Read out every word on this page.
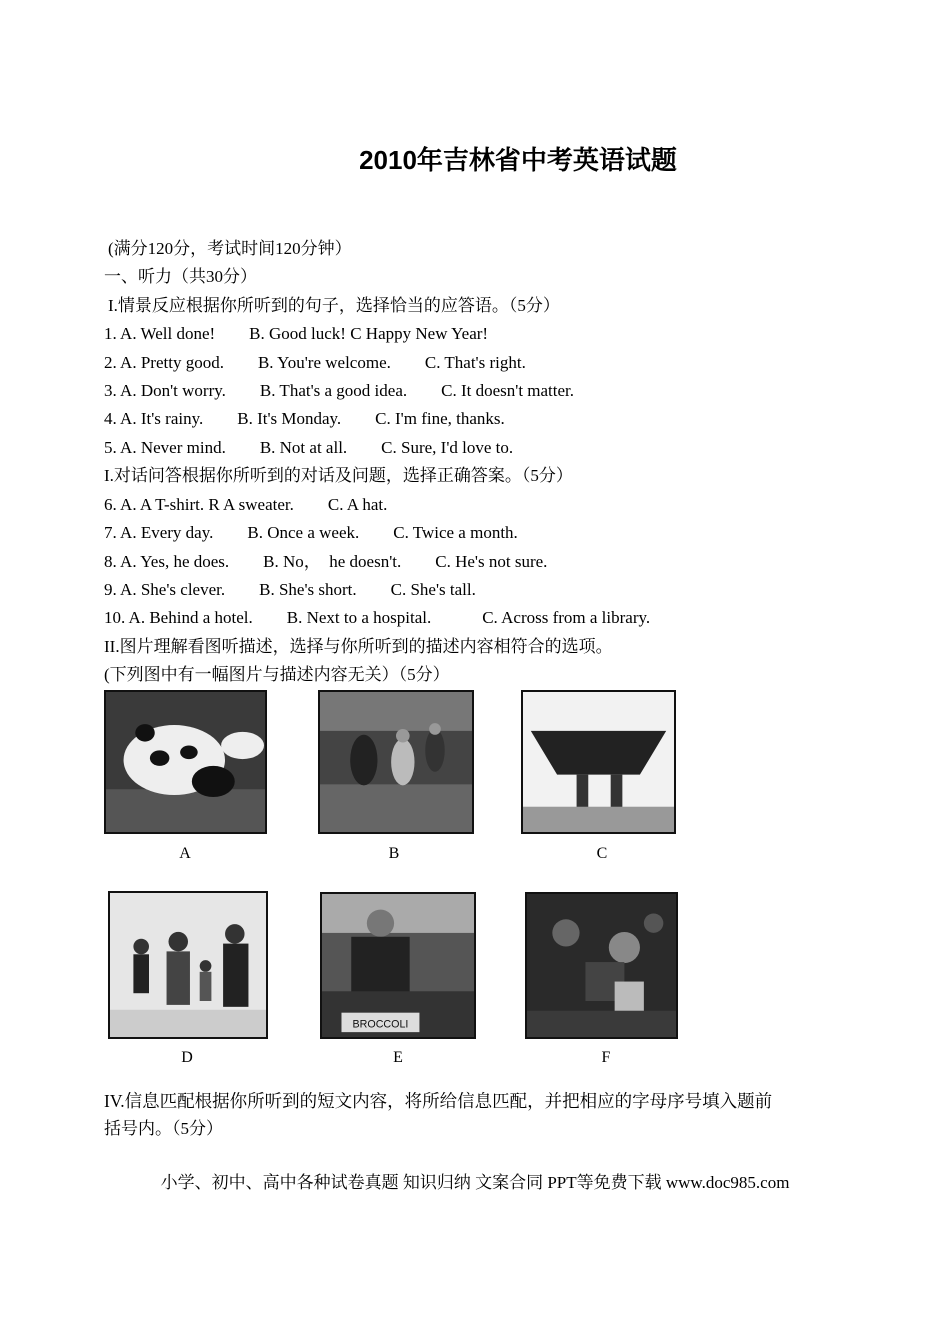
2010年吉林省中考英语试题
(满分120分，考试时间120分钟）
一、听力（共30分）
I.情景反应根据你所听到的句子，选择恰当的应答语。（5分）
1. A. Well done!        B. Good luck! C Happy New Year!
2. A. Pretty good.        B. You're welcome.        C. That's right.
3. A. Don't worry.        B. That's a good idea.        C. It doesn't matter.
4. A. It's rainy.        B. It's Monday.        C. I'm fine, thanks.
5. A. Never mind.        B. Not at all.        C. Sure, I'd love to.
I.对话问答根据你所听到的对话及问题，选择正确答案。（5分）
6. A. A T-shirt. R A sweater.        C. A hat.
7. A. Every day.        B. Once a week.        C. Twice a month.
8. A. Yes, he does.        B. No，  he doesn't.        C. He's not sure.
9. A. She's clever.        B. She's short.        C. She's tall.
10. A. Behind a hotel.        B. Next to a hospital.            C. Across from a library.
II.图片理解看图听描述，选择与你所听到的描述内容相符合的选项。
(下列图中有一幅图片与描述内容无关）（5分）
A	B	C
D
BROCCOLI
E	F
IV.信息匹配根据你所听到的短文内容，将所给信息匹配，并把相应的字母序号填入题前
括号内。（5分）
小学、初中、高中各种试卷真题 知识归纳 文案合同 PPT等免费下载 www.doc985.com
